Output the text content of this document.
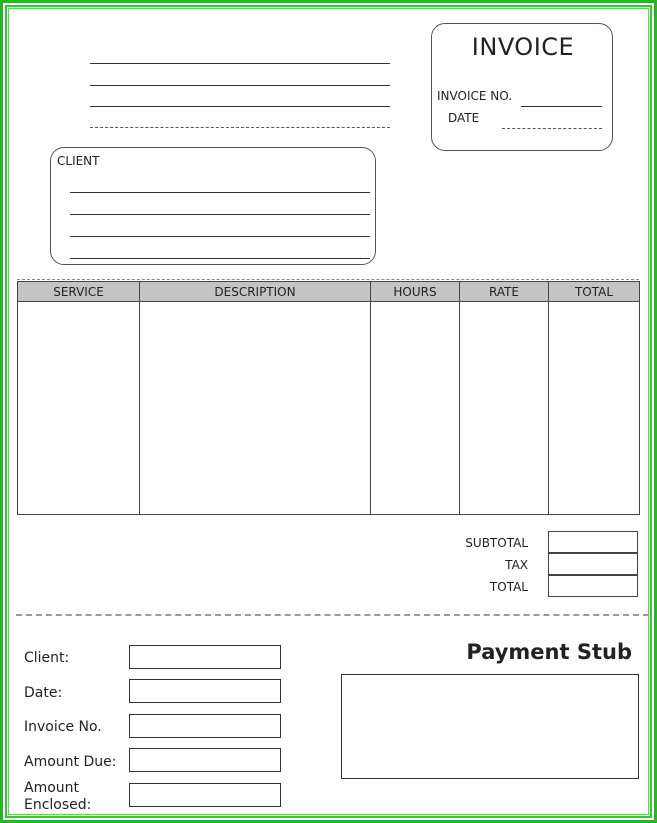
INVOICE
INVOICE NO.
DATE
CLIENT
SERVICE	DESCRIPTION	HOURS	RATE	TOTAL

SUBTOTAL
TAX
TOTAL
Payment Stub
Client:
Date:
Invoice No.
Amount Due:
Amount
Enclosed:
